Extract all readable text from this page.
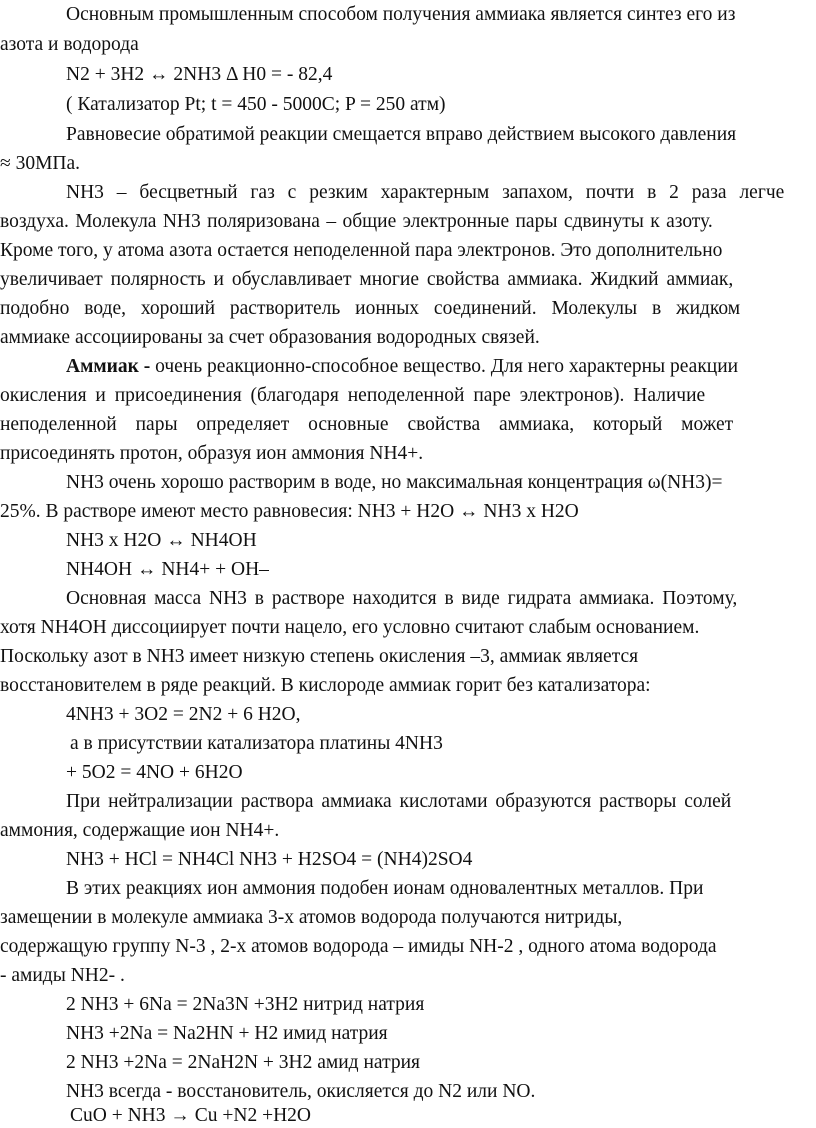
Основным промышленным способом получения аммиака является синтез его из
азота и водорода
N2 + 3H2 ↔ 2NH3 Δ H0 = - 82,4
( Катализатор Pt; t = 450 - 5000C; P = 250 атм)
Равновесие обратимой реакции смещается вправо действием высокого давления
≈ 30МПа.
NH3 – бесцветный газ с резким характерным запахом, почти в 2 раза легче
воздуха. Молекула NH3 поляризована – общие электронные пары сдвинуты к азоту.
Кроме того, у атома азота остается неподеленной пара электронов. Это дополнительно
увеличивает полярность и обуславливает многие свойства аммиака. Жидкий аммиак,
подобно воде, хороший растворитель ионных соединений. Молекулы в жидком
аммиаке ассоциированы за счет образования водородных связей.
Аммиак - очень реакционно-способное вещество. Для него характерны реакции
окисления и присоединения (благодаря неподеленной паре электронов). Наличие
неподеленной пары определяет основные свойства аммиака, который может
присоединять протон, образуя ион аммония NH4+.
NH3 очень хорошо растворим в воде, но максимальная концентрация ω(NH3)=
25%. В растворе имеют место равновесия: NH3 + H2O ↔ NH3 x H2O
NH3 x H2O ↔ NH4OH
NH4OH ↔ NH4+ + OH–
Основная масса NH3 в растворе находится в виде гидрата аммиака. Поэтому,
хотя NH4OH диссоциирует почти нацело, его условно считают слабым основанием.
Поскольку азот в NH3 имеет низкую степень окисления –3, аммиак является
восстановителем в ряде реакций. В кислороде аммиак горит без катализатора:
4NH3 + 3O2 = 2N2 + 6 H2O,
а в присутствии катализатора платины 4NH3
+ 5O2 = 4NO + 6H2O
При нейтрализации раствора аммиака кислотами образуются растворы солей
аммония, содержащие ион NH4+.
NH3 + HCl = NH4Cl NH3 + H2SO4 = (NH4)2SO4
В этих реакциях ион аммония подобен ионам одновалентных металлов. При
замещении в молекуле аммиака 3-х атомов водорода получаются нитриды,
содержащую группу N-3 , 2-х атомов водорода – имиды NH-2 , одного атома водорода
- амиды NH2- .
2 NH3 + 6Na = 2Na3N +3H2 нитрид натрия
NH3 +2Na = Na2HN + H2 имид натрия
2 NH3 +2Na = 2NaH2N + 3H2 амид натрия
NH3 всегда - восстановитель, окисляется до N2 или NO.
CuO + NH3 → Cu +N2 +H2O
